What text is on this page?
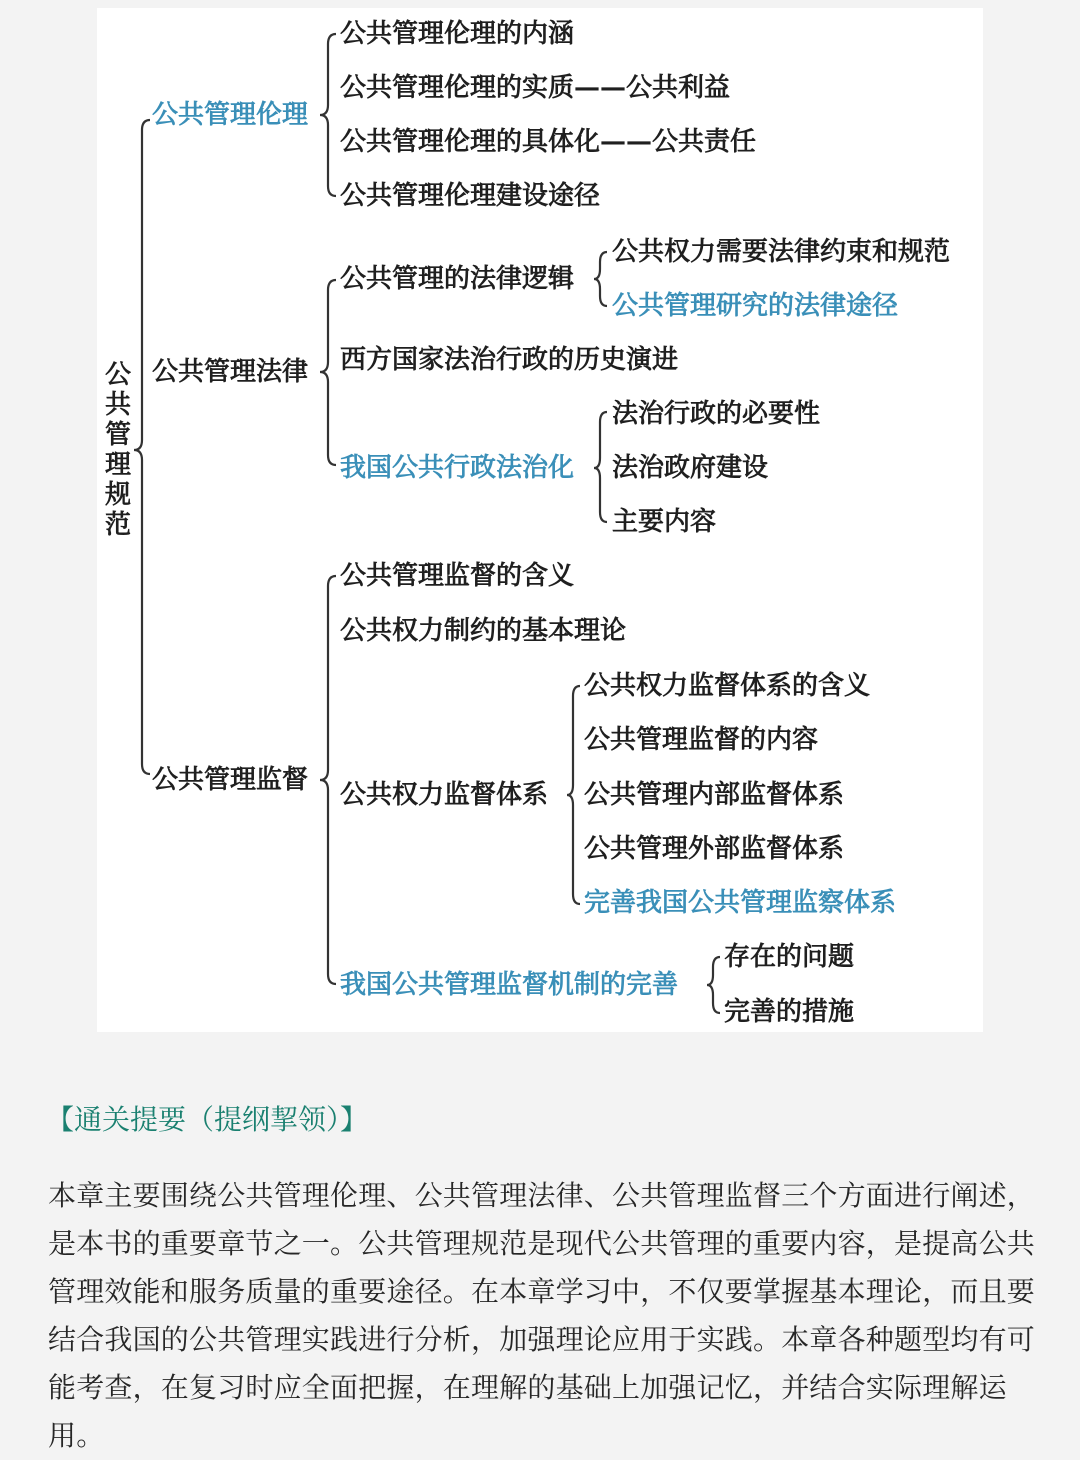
公共管理规范
公共管理伦理
公共管理伦理的内涵
公共管理伦理的实质——公共利益
公共管理伦理的具体化——公共责任
公共管理伦理建设途径
公共管理法律
公共管理的法律逻辑
公共权力需要法律约束和规范
公共管理研究的法律途径
西方国家法治行政的历史演进
我国公共行政法治化
法治行政的必要性
法治政府建设
主要内容
公共管理监督
公共管理监督的含义
公共权力制约的基本理论
公共权力监督体系
公共权力监督体系的含义
公共管理监督的内容
公共管理内部监督体系
公共管理外部监督体系
完善我国公共管理监察体系
我国公共管理监督机制的完善
存在的问题
完善的措施
【通关提要（提纲挈领）】
本章主要围绕公共管理伦理、公共管理法律、公共管理监督三个方面进行阐述，是本书的重要章节之一。公共管理规范是现代公共管理的重要内容，是提高公共管理效能和服务质量的重要途径。在本章学习中，不仅要掌握基本理论，而且要结合我国的公共管理实践进行分析，加强理论应用于实践。本章各种题型均有可能考查，在复习时应全面把握，在理解的基础上加强记忆，并结合实际理解运用。
